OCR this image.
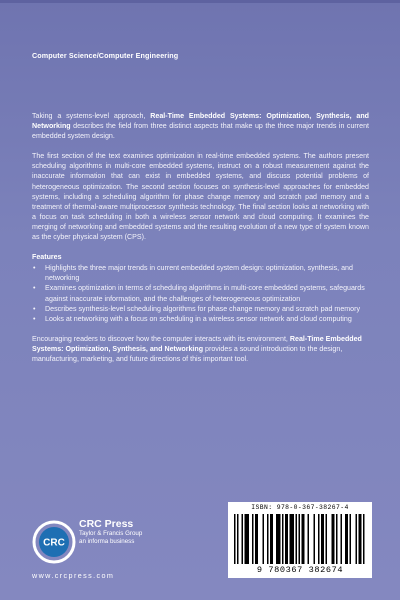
Computer Science/Computer Engineering

Taking a systems-level approach, Real-Time Embedded Systems: Optimization, Synthesis, and Networking describes the field from three distinct aspects that make up the three major trends in current embedded system design.

The first section of the text examines optimization in real-time embedded systems. The authors present scheduling algorithms in multi-core embedded systems, instruct on a robust measurement against the inaccurate information that can exist in embedded systems, and discuss potential problems of heterogeneous optimization. The second section focuses on synthesis-level approaches for embedded systems, including a scheduling algorithm for phase change memory and scratch pad memory and a treatment of thermal-aware multiprocessor synthesis technology. The final section looks at networking with a focus on task scheduling in both a wireless sensor network and cloud computing. It examines the merging of networking and embedded systems and the resulting evolution of a new type of system known as the cyber physical system (CPS).

Features
• Highlights the three major trends in current embedded system design: optimization, synthesis, and networking
• Examines optimization in terms of scheduling algorithms in multi-core embedded systems, safeguards against inaccurate information, and the challenges of heterogeneous optimization
• Describes synthesis-level scheduling algorithms for phase change memory and scratch pad memory
• Looks at networking with a focus on scheduling in a wireless sensor network and cloud computing

Encouraging readers to discover how the computer interacts with its environment, Real-Time Embedded Systems: Optimization, Synthesis, and Networking provides a sound introduction to the design, manufacturing, marketing, and future directions of this important tool.

CRC
CRC Press
Taylor & Francis Group
an informa business
www.crcpress.com
ISBN: 978-0-367-38267-4
9 780367 382674
